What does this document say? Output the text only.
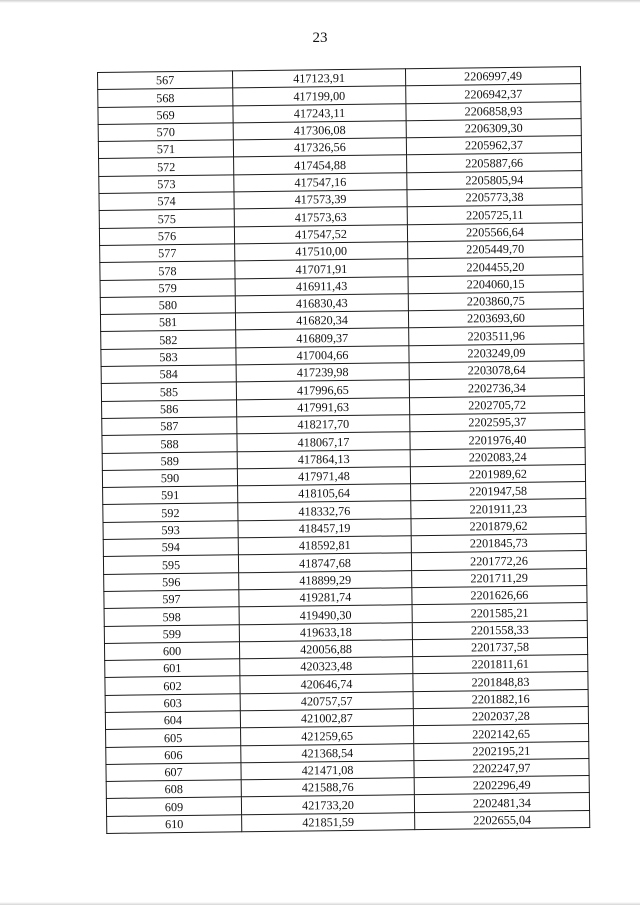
23
567	417123,91	2206997,49
568	417199,00	2206942,37
569	417243,11	2206858,93
570	417306,08	2206309,30
571	417326,56	2205962,37
572	417454,88	2205887,66
573	417547,16	2205805,94
574	417573,39	2205773,38
575	417573,63	2205725,11
576	417547,52	2205566,64
577	417510,00	2205449,70
578	417071,91	2204455,20
579	416911,43	2204060,15
580	416830,43	2203860,75
581	416820,34	2203693,60
582	416809,37	2203511,96
583	417004,66	2203249,09
584	417239,98	2203078,64
585	417996,65	2202736,34
586	417991,63	2202705,72
587	418217,70	2202595,37
588	418067,17	2201976,40
589	417864,13	2202083,24
590	417971,48	2201989,62
591	418105,64	2201947,58
592	418332,76	2201911,23
593	418457,19	2201879,62
594	418592,81	2201845,73
595	418747,68	2201772,26
596	418899,29	2201711,29
597	419281,74	2201626,66
598	419490,30	2201585,21
599	419633,18	2201558,33
600	420056,88	2201737,58
601	420323,48	2201811,61
602	420646,74	2201848,83
603	420757,57	2201882,16
604	421002,87	2202037,28
605	421259,65	2202142,65
606	421368,54	2202195,21
607	421471,08	2202247,97
608	421588,76	2202296,49
609	421733,20	2202481,34
610	421851,59	2202655,04
